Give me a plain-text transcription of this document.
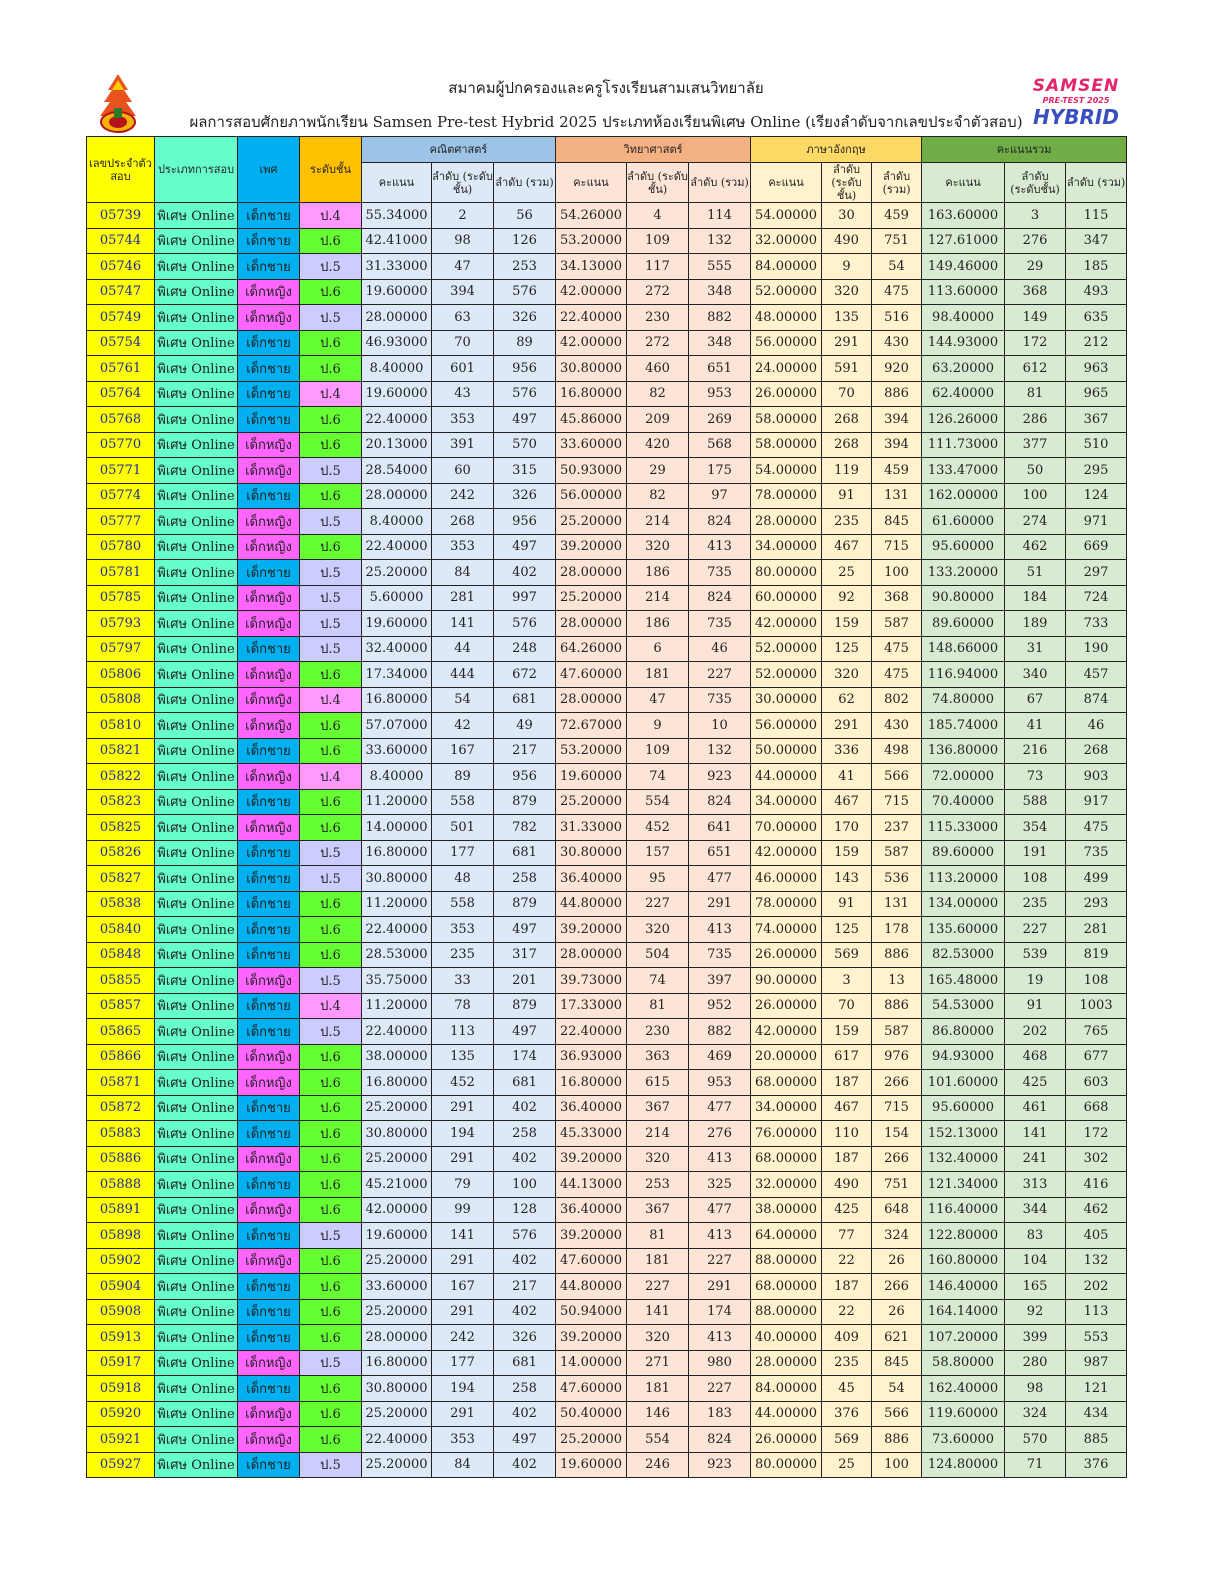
สมาคมผู้ปกครองและครูโรงเรียนสามเสนวิทยาลัย
ผลการสอบศักยภาพนักเรียน Samsen Pre-test Hybrid 2025 ประเภทห้องเรียนพิเศษ Online (เรียงลำดับจากเลขประจำตัวสอบ)
SAMSEN
PRE-TEST 2025
HYBRID
เลขประจำตัว สอบ	ประเภทการสอบ	เพศ	ระดับชั้น	คณิตศาสตร์			วิทยาศาสตร์			ภาษาอังกฤษ			คะแนนรวม		
				คะแนน	ลำดับ (ระดับชั้น)	ลำดับ (รวม)	คะแนน	ลำดับ (ระดับชั้น)	ลำดับ (รวม)	คะแนน	ลำดับ (ระดับชั้น)	ลำดับ (รวม)	คะแนน	ลำดับ (ระดับชั้น)	ลำดับ (รวม)
05739	พิเศษ Online	เด็กชาย	ป.4	55.34000	2	56	54.26000	4	114	54.00000	30	459	163.60000	3	115
05744	พิเศษ Online	เด็กชาย	ป.6	42.41000	98	126	53.20000	109	132	32.00000	490	751	127.61000	276	347
05746	พิเศษ Online	เด็กชาย	ป.5	31.33000	47	253	34.13000	117	555	84.00000	9	54	149.46000	29	185
05747	พิเศษ Online	เด็กหญิง	ป.6	19.60000	394	576	42.00000	272	348	52.00000	320	475	113.60000	368	493
05749	พิเศษ Online	เด็กหญิง	ป.5	28.00000	63	326	22.40000	230	882	48.00000	135	516	98.40000	149	635
05754	พิเศษ Online	เด็กชาย	ป.6	46.93000	70	89	42.00000	272	348	56.00000	291	430	144.93000	172	212
05761	พิเศษ Online	เด็กชาย	ป.6	8.40000	601	956	30.80000	460	651	24.00000	591	920	63.20000	612	963
05764	พิเศษ Online	เด็กชาย	ป.4	19.60000	43	576	16.80000	82	953	26.00000	70	886	62.40000	81	965
05768	พิเศษ Online	เด็กชาย	ป.6	22.40000	353	497	45.86000	209	269	58.00000	268	394	126.26000	286	367
05770	พิเศษ Online	เด็กหญิง	ป.6	20.13000	391	570	33.60000	420	568	58.00000	268	394	111.73000	377	510
05771	พิเศษ Online	เด็กหญิง	ป.5	28.54000	60	315	50.93000	29	175	54.00000	119	459	133.47000	50	295
05774	พิเศษ Online	เด็กชาย	ป.6	28.00000	242	326	56.00000	82	97	78.00000	91	131	162.00000	100	124
05777	พิเศษ Online	เด็กหญิง	ป.5	8.40000	268	956	25.20000	214	824	28.00000	235	845	61.60000	274	971
05780	พิเศษ Online	เด็กหญิง	ป.6	22.40000	353	497	39.20000	320	413	34.00000	467	715	95.60000	462	669
05781	พิเศษ Online	เด็กชาย	ป.5	25.20000	84	402	28.00000	186	735	80.00000	25	100	133.20000	51	297
05785	พิเศษ Online	เด็กหญิง	ป.5	5.60000	281	997	25.20000	214	824	60.00000	92	368	90.80000	184	724
05793	พิเศษ Online	เด็กหญิง	ป.5	19.60000	141	576	28.00000	186	735	42.00000	159	587	89.60000	189	733
05797	พิเศษ Online	เด็กชาย	ป.5	32.40000	44	248	64.26000	6	46	52.00000	125	475	148.66000	31	190
05806	พิเศษ Online	เด็กหญิง	ป.6	17.34000	444	672	47.60000	181	227	52.00000	320	475	116.94000	340	457
05808	พิเศษ Online	เด็กหญิง	ป.4	16.80000	54	681	28.00000	47	735	30.00000	62	802	74.80000	67	874
05810	พิเศษ Online	เด็กหญิง	ป.6	57.07000	42	49	72.67000	9	10	56.00000	291	430	185.74000	41	46
05821	พิเศษ Online	เด็กชาย	ป.6	33.60000	167	217	53.20000	109	132	50.00000	336	498	136.80000	216	268
05822	พิเศษ Online	เด็กหญิง	ป.4	8.40000	89	956	19.60000	74	923	44.00000	41	566	72.00000	73	903
05823	พิเศษ Online	เด็กชาย	ป.6	11.20000	558	879	25.20000	554	824	34.00000	467	715	70.40000	588	917
05825	พิเศษ Online	เด็กหญิง	ป.6	14.00000	501	782	31.33000	452	641	70.00000	170	237	115.33000	354	475
05826	พิเศษ Online	เด็กชาย	ป.5	16.80000	177	681	30.80000	157	651	42.00000	159	587	89.60000	191	735
05827	พิเศษ Online	เด็กชาย	ป.5	30.80000	48	258	36.40000	95	477	46.00000	143	536	113.20000	108	499
05838	พิเศษ Online	เด็กชาย	ป.6	11.20000	558	879	44.80000	227	291	78.00000	91	131	134.00000	235	293
05840	พิเศษ Online	เด็กชาย	ป.6	22.40000	353	497	39.20000	320	413	74.00000	125	178	135.60000	227	281
05848	พิเศษ Online	เด็กชาย	ป.6	28.53000	235	317	28.00000	504	735	26.00000	569	886	82.53000	539	819
05855	พิเศษ Online	เด็กหญิง	ป.5	35.75000	33	201	39.73000	74	397	90.00000	3	13	165.48000	19	108
05857	พิเศษ Online	เด็กชาย	ป.4	11.20000	78	879	17.33000	81	952	26.00000	70	886	54.53000	91	1003
05865	พิเศษ Online	เด็กชาย	ป.5	22.40000	113	497	22.40000	230	882	42.00000	159	587	86.80000	202	765
05866	พิเศษ Online	เด็กหญิง	ป.6	38.00000	135	174	36.93000	363	469	20.00000	617	976	94.93000	468	677
05871	พิเศษ Online	เด็กหญิง	ป.6	16.80000	452	681	16.80000	615	953	68.00000	187	266	101.60000	425	603
05872	พิเศษ Online	เด็กชาย	ป.6	25.20000	291	402	36.40000	367	477	34.00000	467	715	95.60000	461	668
05883	พิเศษ Online	เด็กชาย	ป.6	30.80000	194	258	45.33000	214	276	76.00000	110	154	152.13000	141	172
05886	พิเศษ Online	เด็กหญิง	ป.6	25.20000	291	402	39.20000	320	413	68.00000	187	266	132.40000	241	302
05888	พิเศษ Online	เด็กชาย	ป.6	45.21000	79	100	44.13000	253	325	32.00000	490	751	121.34000	313	416
05891	พิเศษ Online	เด็กหญิง	ป.6	42.00000	99	128	36.40000	367	477	38.00000	425	648	116.40000	344	462
05898	พิเศษ Online	เด็กชาย	ป.5	19.60000	141	576	39.20000	81	413	64.00000	77	324	122.80000	83	405
05902	พิเศษ Online	เด็กหญิง	ป.6	25.20000	291	402	47.60000	181	227	88.00000	22	26	160.80000	104	132
05904	พิเศษ Online	เด็กชาย	ป.6	33.60000	167	217	44.80000	227	291	68.00000	187	266	146.40000	165	202
05908	พิเศษ Online	เด็กชาย	ป.6	25.20000	291	402	50.94000	141	174	88.00000	22	26	164.14000	92	113
05913	พิเศษ Online	เด็กชาย	ป.6	28.00000	242	326	39.20000	320	413	40.00000	409	621	107.20000	399	553
05917	พิเศษ Online	เด็กหญิง	ป.5	16.80000	177	681	14.00000	271	980	28.00000	235	845	58.80000	280	987
05918	พิเศษ Online	เด็กชาย	ป.6	30.80000	194	258	47.60000	181	227	84.00000	45	54	162.40000	98	121
05920	พิเศษ Online	เด็กหญิง	ป.6	25.20000	291	402	50.40000	146	183	44.00000	376	566	119.60000	324	434
05921	พิเศษ Online	เด็กหญิง	ป.6	22.40000	353	497	25.20000	554	824	26.00000	569	886	73.60000	570	885
05927	พิเศษ Online	เด็กชาย	ป.5	25.20000	84	402	19.60000	246	923	80.00000	25	100	124.80000	71	376
